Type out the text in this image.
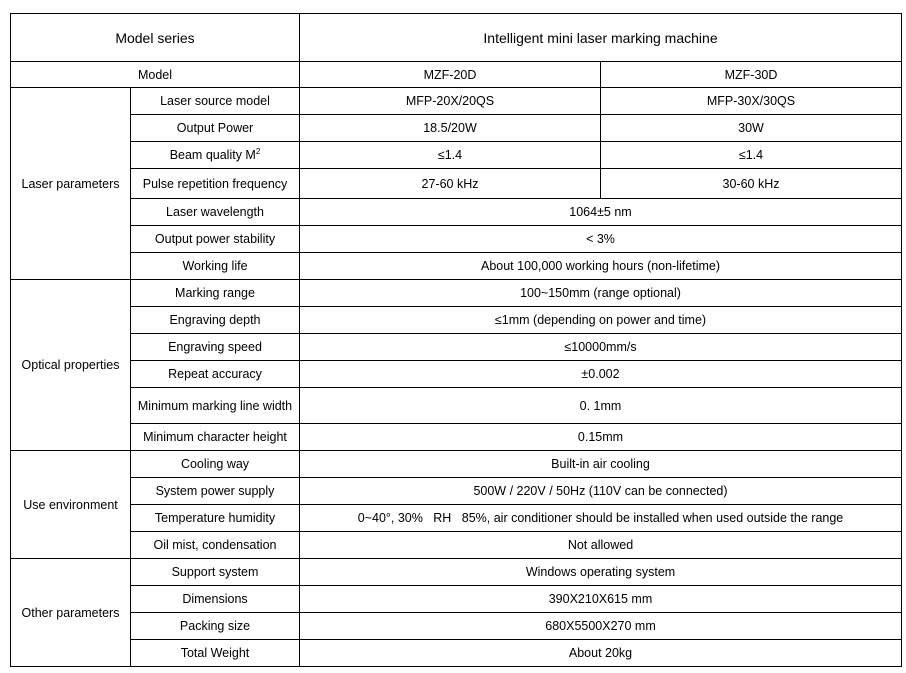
Model series		Intelligent mini laser marking machine	
Model		MZF-20D	MZF-30D
Laser parameters	Laser source model	MFP-20X/20QS	MFP-30X/30QS
	Output Power	18.5/20W	30W
	Beam quality $M^2$	≤1.4	≤1.4
	Pulse repetition frequency	27-60 kHz	30-60 kHz
	Laser wavelength	1064±5 nm	
	Output power stability	< 3%	
	Working life	About 100,000 working hours (non-lifetime)	
Optical properties	Marking range	100~150mm (range optional)	
	Engraving depth	≤1mm (depending on power and time)	
	Engraving speed	≤10000mm/s	
	Repeat accuracy	±0.002	
	Minimum marking line width	0. 1mm	
	Minimum character height	0.15mm	
Use environment	Cooling way	Built-in air cooling	
	System power supply	500W / 220V / 50Hz (110V can be connected)	
	Temperature humidity	0~40°, 30%   RH   85%, air conditioner should be installed when used outside the range	
	Oil mist, condensation	Not allowed	
Other parameters	Support system	Windows operating system	
	Dimensions	390X210X615 mm	
	Packing size	680X5500X270 mm	
	Total Weight	About 20kg	
